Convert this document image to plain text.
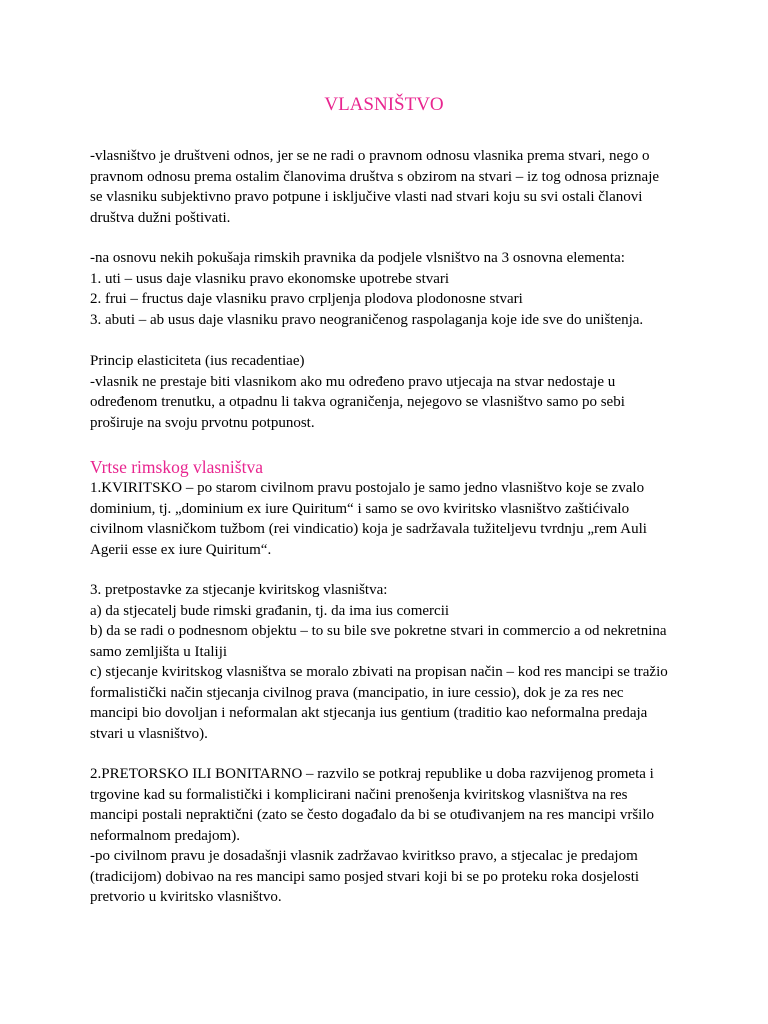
VLASNIŠTVO
-vlasništvo je društveni odnos, jer se ne radi o pravnom odnosu vlasnika prema stvari, nego o
pravnom odnosu prema ostalim članovima društva s obzirom na stvari – iz tog odnosa priznaje
se vlasniku subjektivno pravo potpune i isključive vlasti nad stvari koju su svi ostali članovi
društva dužni poštivati.
-na osnovu nekih pokušaja rimskih pravnika da podjele vlsništvo na 3 osnovna elementa:
1. uti – usus daje vlasniku pravo ekonomske upotrebe stvari
2. frui – fructus daje vlasniku pravo crpljenja plodova plodonosne stvari
3. abuti – ab usus daje vlasniku pravo neograničenog raspolaganja koje ide sve do uništenja.
Princip elasticiteta (ius recadentiae)
-vlasnik ne prestaje biti vlasnikom ako mu određeno pravo utjecaja na stvar nedostaje u
određenom trenutku, a otpadnu li takva ograničenja, nejegovo se vlasništvo samo po sebi
proširuje na svoju prvotnu potpunost.
Vrtse rimskog vlasništva
1.KVIRITSKO – po starom civilnom pravu postojalo je samo jedno vlasništvo koje se zvalo
dominium, tj. „dominium ex iure Quiritum“ i samo se ovo kviritsko vlasništvo zaštićivalo
civilnom vlasničkom tužbom (rei vindicatio) koja je sadržavala tužiteljevu tvrdnju „rem Auli
Agerii esse ex iure Quiritum“.
3. pretpostavke za stjecanje kviritskog vlasništva:
a) da stjecatelj bude rimski građanin, tj. da ima ius comercii
b) da se radi o podnesnom objektu – to su bile sve pokretne stvari in commercio a od nekretnina
samo zemljišta u Italiji
c) stjecanje kviritskog vlasništva se moralo zbivati na propisan način – kod res mancipi se tražio
formalistički način stjecanja civilnog prava (mancipatio, in iure cessio), dok je za res nec
mancipi bio dovoljan i neformalan akt stjecanja ius gentium (traditio kao neformalna predaja
stvari u vlasništvo).
2.PRETORSKO ILI BONITARNO – razvilo se potkraj republike u doba razvijenog prometa i
trgovine kad su formalistički i komplicirani načini prenošenja kviritskog vlasništva na res
mancipi postali nepraktični (zato se često događalo da bi se otuđivanjem na res mancipi vršilo
neformalnom predajom).
-po civilnom pravu je dosadašnji vlasnik zadržavao kviritkso pravo, a stjecalac je predajom
(tradicijom) dobivao na res mancipi samo posjed stvari koji bi se po proteku roka dosjelosti
pretvorio u kviritsko vlasništvo.
